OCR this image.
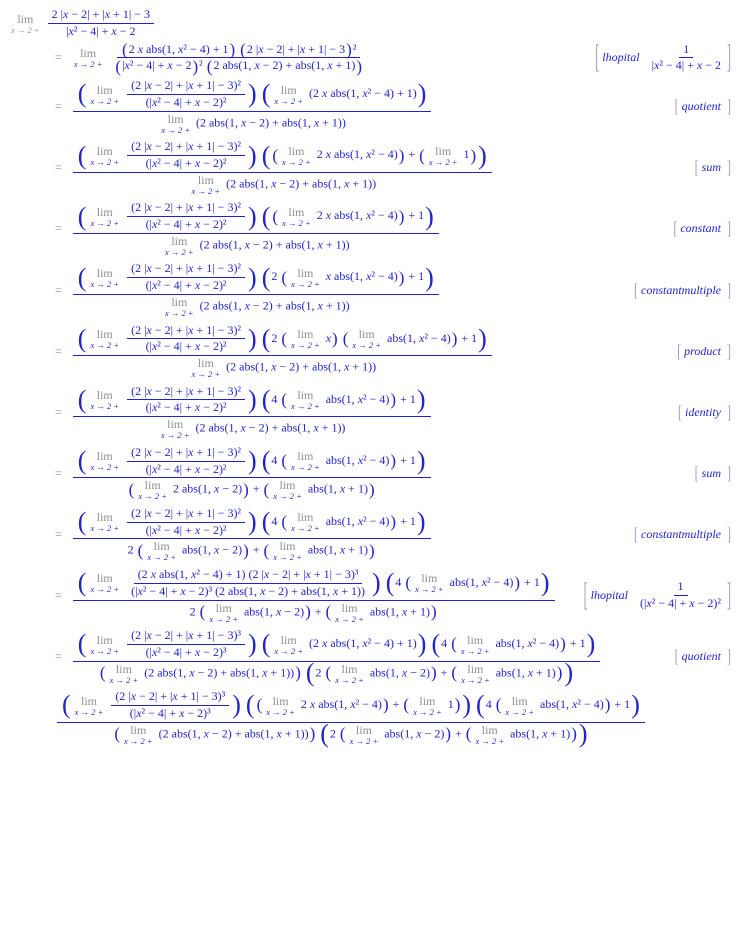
lim
x → 2 +
$\frac{2 |x - 2| + |x + 1| - 3}{\text{|x² − 4| + x − 2}}$
= lim
x → 2 +

(2 x abs(1, x² − 4) + 1) (2 |x − 2| + |x + 1| − 3)²
(|x² − 4| + x − 2)² (2 abs(1, x − 2) + abs(1, x + 1))	[ lhopital $\frac{1}{\text{|x² − 4| + x − 2}}$ ]
= ( lim
x → 2 +
$\frac{\text{(2 |x − 2| + |x + 1| − 3)²}}{\text{(|x² − 4| + x − 2)²}}$ ) ( lim
x → 2 +
(2 x abs(1, x² − 4) + 1))
lim
x → 2 +
(2 abs(1, x − 2) + abs(1, x + 1))
[ quotient ]
= ( lim
x → 2 +
$\frac{\text{(2 |x − 2| + |x + 1| − 3)²}}{\text{(|x² − 4| + x − 2)²}}$ ) ( ( lim
x → 2 +
2 x abs(1, x² − 4)) + ( lim
x → 2 +
1))
lim
x → 2 +
(2 abs(1, x − 2) + abs(1, x + 1))
[ sum ]
= ( lim
x → 2 +
$\frac{\text{(2 |x − 2| + |x + 1| − 3)²}}{\text{(|x² − 4| + x − 2)²}}$ ) ( ( lim
x → 2 +
2 x abs(1, x² − 4)) + 1)
lim
x → 2 +
(2 abs(1, x − 2) + abs(1, x + 1))
[ constant ]
= ( lim
x → 2 +
$\frac{\text{(2 |x − 2| + |x + 1| − 3)²}}{\text{(|x² − 4| + x − 2)²}}$ ) (2 ( lim
x → 2 +
x abs(1, x² − 4)) + 1)
lim
x → 2 +
(2 abs(1, x − 2) + abs(1, x + 1))
[ constantmultiple ]
= ( lim
x → 2 +
$\frac{\text{(2 |x − 2| + |x + 1| − 3)²}}{\text{(|x² − 4| + x − 2)²}}$ ) (2 ( lim
x → 2 +
x) ( lim
x → 2 +
abs(1, x² − 4)) + 1)
lim
x → 2 +
(2 abs(1, x − 2) + abs(1, x + 1))
[ product ]
= ( lim
x → 2 +
$\frac{\text{(2 |x − 2| + |x + 1| − 3)²}}{\text{(|x² − 4| + x − 2)²}}$ ) (4 ( lim
x → 2 +
abs(1, x² − 4)) + 1)
lim
x → 2 +
(2 abs(1, x − 2) + abs(1, x + 1))
[ identity ]
= ( lim
x → 2 +
$\frac{\text{(2 |x − 2| + |x + 1| − 3)²}}{\text{(|x² − 4| + x − 2)²}}$ ) (4 ( lim
x → 2 +
abs(1, x² − 4)) + 1)
( lim
x → 2 +
2 abs(1, x − 2)) + ( lim
x → 2 +
abs(1, x + 1))
[ sum ]
= ( lim
x → 2 +
$\frac{\text{(2 |x − 2| + |x + 1| − 3)²}}{\text{(|x² − 4| + x − 2)²}}$ ) (4 ( lim
x → 2 +
abs(1, x² − 4)) + 1)
2 ( lim
x → 2 +
abs(1, x − 2)) + ( lim
x → 2 +
abs(1, x + 1))
[ constantmultiple ]
= ( lim
x → 2 +

(2 x abs(1, x² − 4) + 1) (2 |x − 2| + |x + 1| − 3)³
(|x² − 4| + x − 2)³ (2 abs(1, x − 2) + abs(1, x + 1)) ) (4 ( lim
x → 2 +
abs(1, x² − 4)) + 1)
2 ( lim
x → 2 +
abs(1, x − 2)) + ( lim
x → 2 +
abs(1, x + 1))	[ lhopital $\frac{1}{\text{(|x² − 4| + x − 2)²}}$ ]
= ( lim
x → 2 +
$\frac{\text{(2 |x − 2| + |x + 1| − 3)³}}{\text{(|x² − 4| + x − 2)³}}$ ) ( lim
x → 2 +
(2 x abs(1, x² − 4) + 1)) (4 ( lim
x → 2 +
abs(1, x² − 4)) + 1)
( lim
x → 2 +
(2 abs(1, x − 2) + abs(1, x + 1))) (2 ( lim
x → 2 +
abs(1, x − 2)) + ( lim
x → 2 +
abs(1, x + 1)))
[ quotient ]
( lim
x → 2 +
$\frac{\text{(2 |x − 2| + |x + 1| − 3)³}}{\text{(|x² − 4| + x − 2)³}}$ ) ( ( lim
x → 2 +
2 x abs(1, x² − 4)) + ( lim
x → 2 +
1)) (4 ( lim
x → 2 +
abs(1, x² − 4)) + 1)
( lim
x → 2 +
(2 abs(1, x − 2) + abs(1, x + 1))) (2 ( lim
x → 2 +
abs(1, x − 2)) + ( lim
x → 2 +
abs(1, x + 1)))
